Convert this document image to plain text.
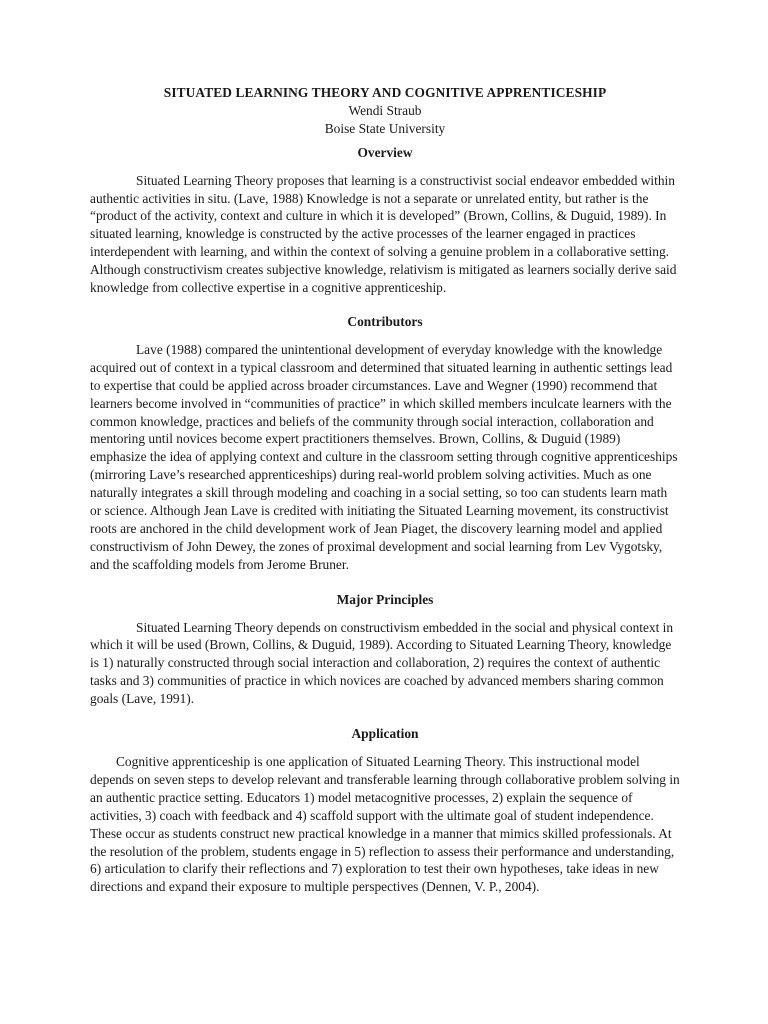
SITUATED LEARNING THEORY AND COGNITIVE APPRENTICESHIP
Wendi Straub
Boise State University
Overview

Situated Learning Theory proposes that learning is a constructivist social endeavor embedded within authentic activities in situ. (Lave, 1988) Knowledge is not a separate or unrelated entity, but rather is the “product of the activity, context and culture in which it is developed” (Brown, Collins, & Duguid, 1989). In situated learning, knowledge is constructed by the active processes of the learner engaged in practices interdependent with learning, and within the context of solving a genuine problem in a collaborative setting. Although constructivism creates subjective knowledge, relativism is mitigated as learners socially derive said knowledge from collective expertise in a cognitive apprenticeship.

Contributors

Lave (1988) compared the unintentional development of everyday knowledge with the knowledge acquired out of context in a typical classroom and determined that situated learning in authentic settings lead to expertise that could be applied across broader circumstances. Lave and Wegner (1990) recommend that learners become involved in “communities of practice” in which skilled members inculcate learners with the common knowledge, practices and beliefs of the community through social interaction, collaboration and mentoring until novices become expert practitioners themselves. Brown, Collins, & Duguid (1989) emphasize the idea of applying context and culture in the classroom setting through cognitive apprenticeships (mirroring Lave’s researched apprenticeships) during real-world problem solving activities. Much as one naturally integrates a skill through modeling and coaching in a social setting, so too can students learn math or science. Although Jean Lave is credited with initiating the Situated Learning movement, its constructivist roots are anchored in the child development work of Jean Piaget, the discovery learning model and applied constructivism of John Dewey, the zones of proximal development and social learning from Lev Vygotsky, and the scaffolding models from Jerome Bruner.

Major Principles

Situated Learning Theory depends on constructivism embedded in the social and physical context in which it will be used (Brown, Collins, & Duguid, 1989). According to Situated Learning Theory, knowledge is 1) naturally constructed through social interaction and collaboration, 2) requires the context of authentic tasks and 3) communities of practice in which novices are coached by advanced members sharing common goals (Lave, 1991).

Application

Cognitive apprenticeship is one application of Situated Learning Theory. This instructional model depends on seven steps to develop relevant and transferable learning through collaborative problem solving in an authentic practice setting. Educators 1) model metacognitive processes, 2) explain the sequence of activities, 3) coach with feedback and 4) scaffold support with the ultimate goal of student independence. These occur as students construct new practical knowledge in a manner that mimics skilled professionals. At the resolution of the problem, students engage in 5) reflection to assess their performance and understanding, 6) articulation to clarify their reflections and 7) exploration to test their own hypotheses, take ideas in new directions and expand their exposure to multiple perspectives (Dennen, V. P., 2004).
